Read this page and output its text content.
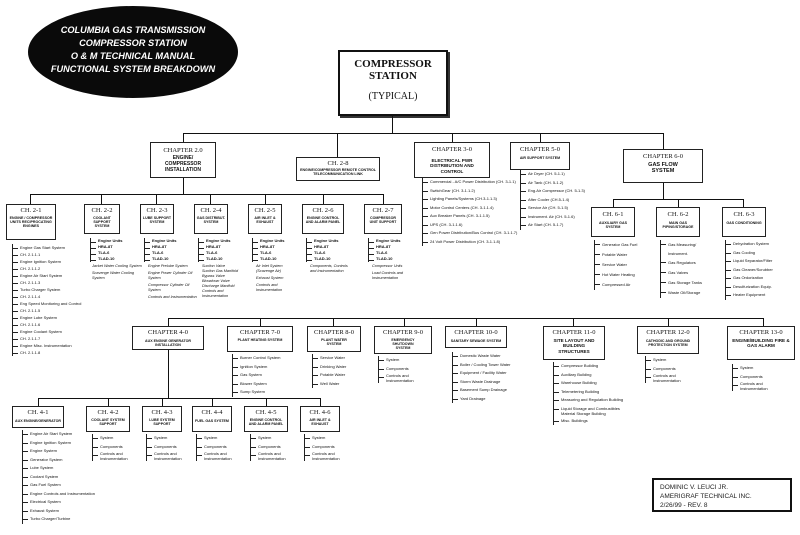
COLUMBIA GAS TRANSMISSION
COMPRESSOR STATION
O & M TECHNICAL MANUAL
FUNCTIONAL SYSTEM BREAKDOWN	COMPRESSOR
STATION
(TYPICAL)
CHAPTER 2.0
ENGINE/ COMPRESSOR INSTALLATION
CH. 2-8
ENGINE/COMPRESSOR REMOTE CONTROL TELECOMMUNICATION LINK
CHAPTER 3-0
ELECTRICAL PWR DISTRIBUTION AND CONTROL
Commercial - A/C Power Distribution (CH. 3-1.1)
SwitchGear (CH. 3-1.1.2)
Lighting Panels/Systems (CH.3-1.1.3)
Motor Control Centers (CH. 3-1.1.4)
Aux Breaker Panels (CH. 3-1.1.5)
UPS (CH. 3-1.1.6)
Gen Power Distribution/Bus Control (CH. 3-1.1.7)
24 Volt Power Distribution (CH. 3-1.1.8)
CHAPTER 5-0
AIR SUPPORT SYSTEM
Air Dryer (CH. 5-1.1)
Air Tank (CH. 5-1.2)
Eng.Air Compressor (CH. 5-1.3)
After Cooler (CH.5-1.4)
Service Air (CH. 5-1.5)
Instrument. Air (CH. 5-1.6)
Air Start (CH. 5-1.7)
CHAPTER 6-0
GAS FLOW SYSTEM
CH. 2-1
ENGINE / COMPRESSOR UNITS RECIPROCATING ENGINES
Engine Gas Start System
CH. 2.1.1.1
Engine Ignition System
CH. 2.1.1.2
Engine Air Start System
CH. 2.1.1.3
Turbo Charger System
CH. 2.1.1.4
Eng Speed Monitoring and Control
CH. 2.1.1.5
Engine Lube System
CH. 2.1.1.6
Engine Coolant System
CH. 2.1.1.7
Engine Misc. Instrumentation
CH. 2.1.1.8
CH. 2-2
COOLANT SUPPORT SYSTEM
Engine Units
HRA-8T
TLA-6
TLAD-10
Jacket Water Cooling System
Scavenge Water Cooling System
CH. 2-3
LUBE SUPPORT SYSTEM
Engine Units
HRA-8T
TLA-6
TLAD-10
Engine Prelube System
Engine Power Cylinder Oil System
Compressor Cylinder Oil System
Controls and Instrumentation
CH. 2-4
GAS DISTRIBUT. SYSTEM
Engine Units
HRA-8T
TLA-6
TLAD-10
Suction Valve
Suction Gas Manifold
Bypass Valve
Blowdown Valve
Discharge Manifold
Controls and Instrumentation
CH. 2-5
AIR INLET & EXHAUST
Engine Units
HRA-8T
TLA-6
TLAD-10
Air Inlet System (Scavenge Air)
Exhaust System
Controls and Instrumentation
CH. 2-6
ENGINE CONTROL AND ALARM PANEL
Engine Units
HRA-8T
TLA-6
TLAD-10
Components, Controls and Instrumentation
CH. 2-7
COMPRESSOR UNIT SUPPORT
Engine Units
HRA-8T
TLA-6
TLAD-10
Compressor Units
Load Controls and Instrumentation
CH. 6-1
AUXILIARY GAS SYSTEM
Generator Gas Fuel
Potable Water
Service Water
Hot Water Heating
Compressed Air
CH. 6-2
MAIN GAS PIPING/STORAGE
Gas Measuring/ Instrument.
Gas Regulators
Gas Valves
Gas Storage Tanks
Waste Oil/Storage
CH. 6-3
GAS CONDITIONING
Dehydration System
Gas Cooling
Liquid Separator/Filter
Gas Cleaner/Scrubber
Gas Ordorization
Desulfurization Equip.
Heater Equipment
CHAPTER 4-0
AUX ENGINE GENERATOR INSTALLATION
CHAPTER 7-0
PLANT HEATING SYSTEM
Burner Control System
Ignition System
Gas System
Blower System
Sump System
CHAPTER 8-0
PLANT WATER SYSTEM
Service Water
Drinking Water
Potable Water
Well Water
CHAPTER 9-0
EMERGENCY SHUTDOWN SYSTEM
System
Components
Controls and Instrumentation
CHAPTER 10-0
SANITARY SEWAGE SYSTEM
Domestic Waste Water
Boiler / Cooling Tower Water
Equipment / Facility Water
Storm Waste Drainage
Basement Sump Drainage
Yard Drainage
CHAPTER 11-0
SITE LAYOUT AND BUILDING STRUCTURES
Compressor Building
Auxiliary Building
Warehouse Building
Telemetering Building
Measuring and Regulation Building
Liquid Storage and Combustibles Material Storage Building
Misc. Buildings
CHAPTER 12-0
CATHODIC AND GROUND PROTECTION SYSTEM
System
Components
Controls and Instrumentation
CHAPTER 13-0
ENGINE/BUILDING FIRE & GAS ALARM
System
Components
Controls and Instrumentation
CH. 4-1
AUX ENGINE/GENERATOR
Engine Air Start System
Engine Ignition System
Engine System
Generator System
Lube System
Coolant System
Gas Fuel System
Engine Controls and Instrumentation
Electrical System
Exhaust System
Turbo Charger/Turbine
CH. 4-2
COOLANT SYSTEM SUPPORT
System
Components
Controls and Instrumentation
CH. 4-3
LUBE SYSTEM SUPPORT
System
Components
Controls and Instrumentation
CH. 4-4
FUEL GAS SYSTEM
System
Components
Controls and Instrumentation
CH. 4-5
ENGINE CONTROL AND ALARM PANEL
System
Components
Controls and Instrumentation
CH. 4-6
AIR INLET & EXHAUST
System
Components
Controls and Instrumentation
DOMINIC V. LEUCI JR.
AMERIGRAF TECHNICAL INC.
2/26/99 - REV. 8
